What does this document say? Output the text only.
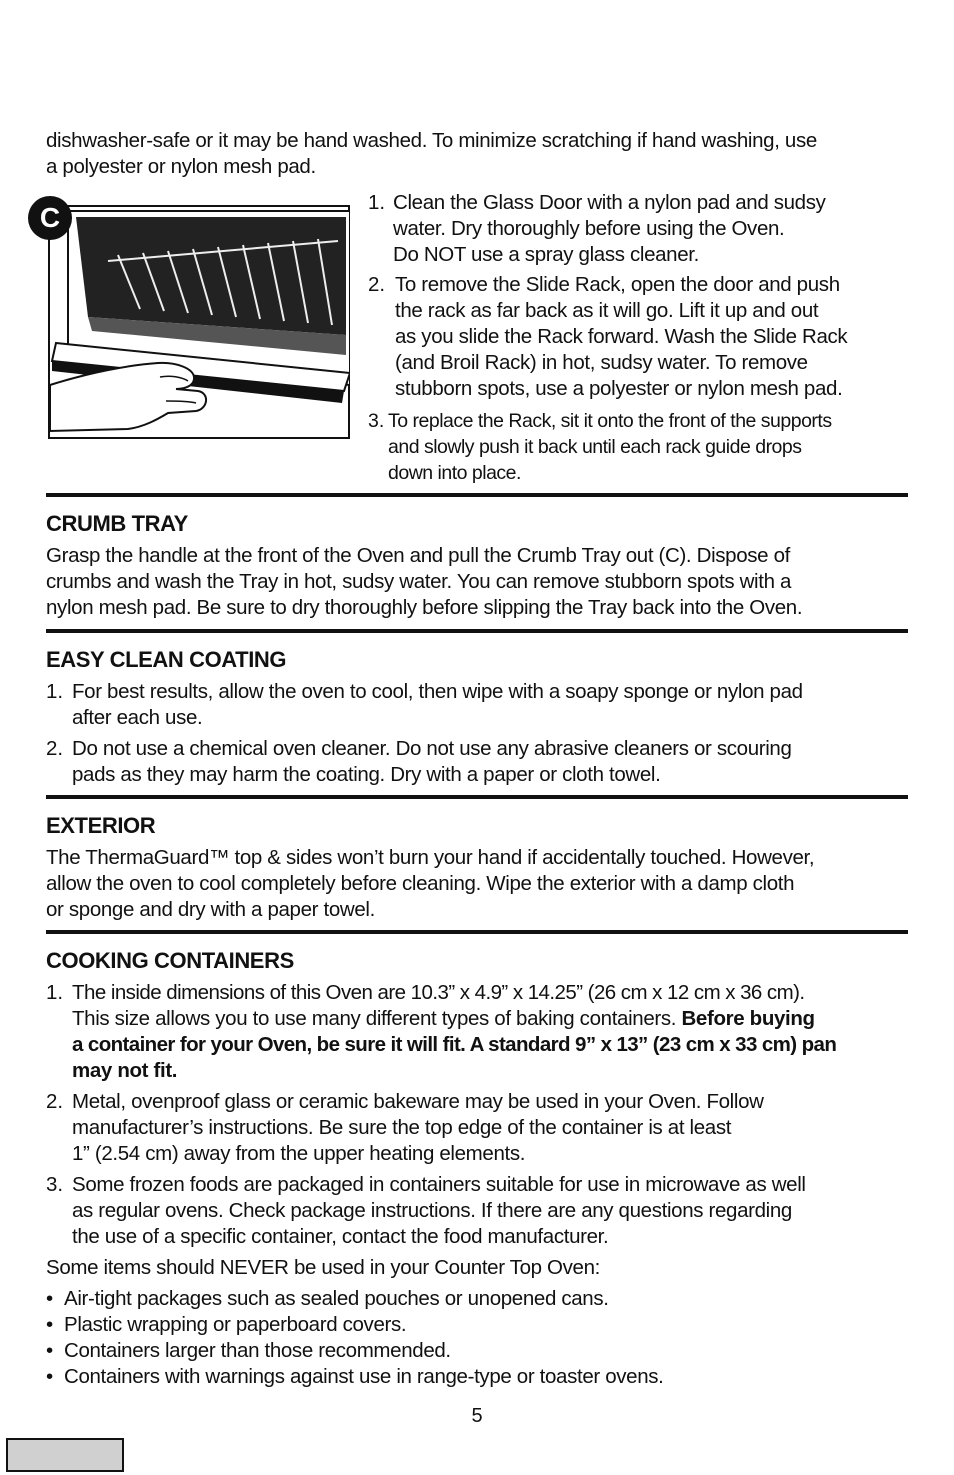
dishwasher-safe or it may be hand washed. To minimize scratching if hand washing, use
a polyester or nylon mesh pad.
C	1. Clean the Glass Door with a nylon pad and sudsy
water. Dry thoroughly before using the Oven.
Do NOT use a spray glass cleaner.
2. To remove the Slide Rack, open the door and push
the rack as far back as it will go. Lift it up and out
as you slide the Rack forward. Wash the Slide Rack
(and Broil Rack) in hot, sudsy water. To remove
stubborn spots, use a polyester or nylon mesh pad.
3. To replace the Rack, sit it onto the front of the supports
and slowly push it back until each rack guide drops
down into place.
CRUMB TRAY
Grasp the handle at the front of the Oven and pull the Crumb Tray out (C). Dispose of
crumbs and wash the Tray in hot, sudsy water. You can remove stubborn spots with a
nylon mesh pad. Be sure to dry thoroughly before slipping the Tray back into the Oven.
EASY CLEAN COATING
1. For best results, allow the oven to cool, then wipe with a soapy sponge or nylon pad
after each use.
2. Do not use a chemical oven cleaner. Do not use any abrasive cleaners or scouring
pads as they may harm the coating. Dry with a paper or cloth towel.
EXTERIOR
The ThermaGuard™ top & sides won’t burn your hand if accidentally touched. However,
allow the oven to cool completely before cleaning. Wipe the exterior with a damp cloth
or sponge and dry with a paper towel.
COOKING CONTAINERS
1. The inside dimensions of this Oven are 10.3” x 4.9” x 14.25” (26 cm x 12 cm x 36 cm).
This size allows you to use many different types of baking containers. Before buying
a container for your Oven, be sure it will fit. A standard 9” x 13” (23 cm x 33 cm) pan
may not fit.
2. Metal, ovenproof glass or ceramic bakeware may be used in your Oven. Follow
manufacturer’s instructions. Be sure the top edge of the container is at least
1” (2.54 cm) away from the upper heating elements.
3. Some frozen foods are packaged in containers suitable for use in microwave as well
as regular ovens. Check package instructions. If there are any questions regarding
the use of a specific container, contact the food manufacturer.
Some items should NEVER be used in your Counter Top Oven:
• Air-tight packages such as sealed pouches or unopened cans.
• Plastic wrapping or paperboard covers.
• Containers larger than those recommended.
• Containers with warnings against use in range-type or toaster ovens.
5
